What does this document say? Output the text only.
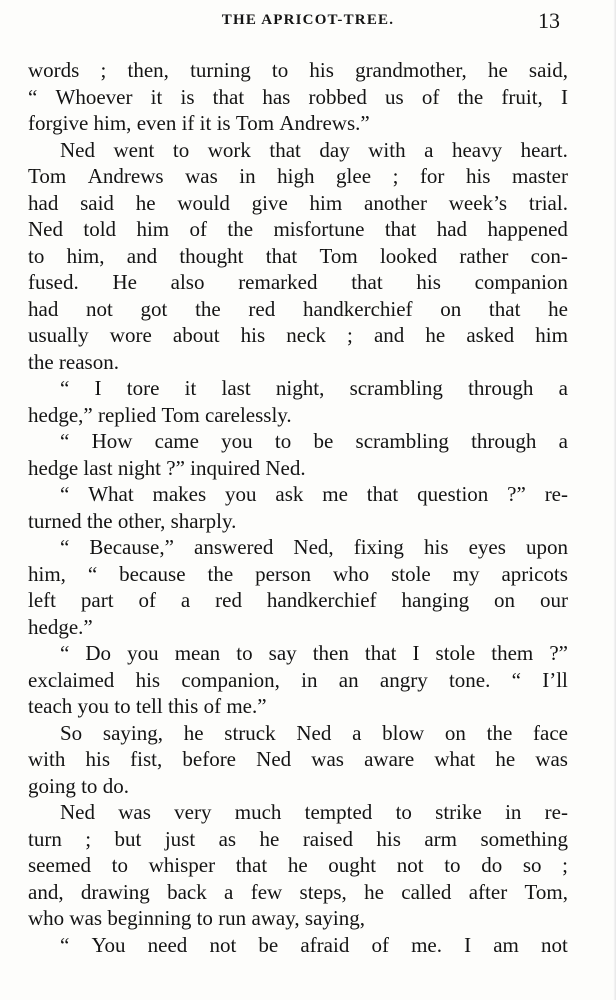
THE APRICOT-TREE.	13
words ; then, turning to his grandmother, he said,
“ Whoever it is that has robbed us of the fruit, I
forgive him, even if it is Tom Andrews.”
Ned went to work that day with a heavy heart.
Tom Andrews was in high glee ; for his master
had said he would give him another week’s trial.
Ned told him of the misfortune that had happened
to him, and thought that Tom looked rather con-
fused. He also remarked that his companion
had not got the red handkerchief on that he
usually wore about his neck ; and he asked him
the reason.
“ I tore it last night, scrambling through a
hedge,” replied Tom carelessly.
“ How came you to be scrambling through a
hedge last night ?” inquired Ned.
“ What makes you ask me that question ?” re-
turned the other, sharply.
“ Because,” answered Ned, fixing his eyes upon
him, “ because the person who stole my apricots
left part of a red handkerchief hanging on our
hedge.”
“ Do you mean to say then that I stole them ?”
exclaimed his companion, in an angry tone. “ I’ll
teach you to tell this of me.”
So saying, he struck Ned a blow on the face
with his fist, before Ned was aware what he was
going to do.
Ned was very much tempted to strike in re-
turn ; but just as he raised his arm something
seemed to whisper that he ought not to do so ;
and, drawing back a few steps, he called after Tom,
who was beginning to run away, saying,
“ You need not be afraid of me. I am not
